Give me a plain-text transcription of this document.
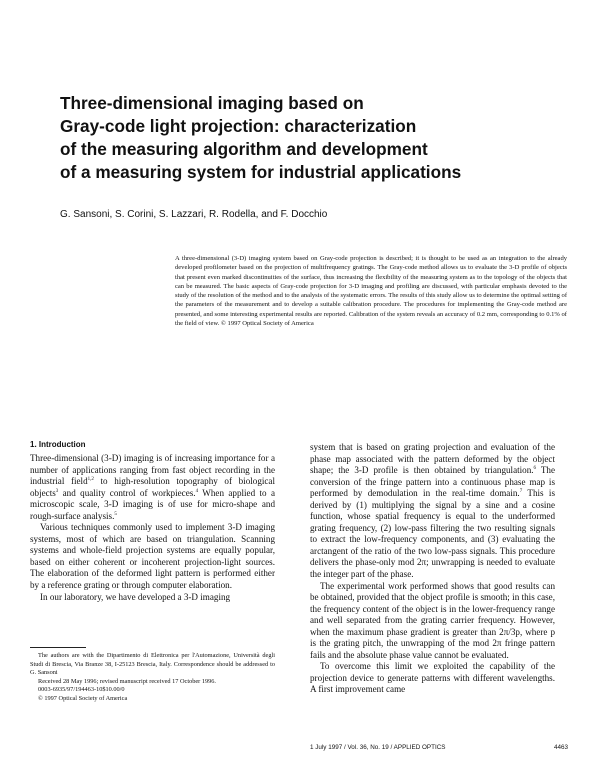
Three-dimensional imaging based on
Gray-code light projection: characterization
of the measuring algorithm and development
of a measuring system for industrial applications

G. Sansoni, S. Corini, S. Lazzari, R. Rodella, and F. Docchio

A three-dimensional (3-D) imaging system based on Gray-code projection is described; it is thought to be used as an integration to the already developed profilometer based on the projection of multifrequency gratings. The Gray-code method allows us to evaluate the 3-D profile of objects that present even marked discontinuities of the surface, thus increasing the flexibility of the measuring system as to the topology of the objects that can be measured. The basic aspects of Gray-code projection for 3-D imaging and profiling are discussed, with particular emphasis devoted to the study of the resolution of the method and to the analysis of the systematic errors. The results of this study allow us to determine the optimal setting of the parameters of the measurement and to develop a suitable calibration procedure. The procedures for implementing the Gray-code method are presented, and some interesting experimental results are reported. Calibration of the system reveals an accuracy of 0.2 mm, corresponding to 0.1% of the field of view. © 1997 Optical Society of America

1. Introduction

Three-dimensional (3-D) imaging is of increasing importance for a number of applications ranging from fast object recording in the industrial field$^{1,2}$ to high-resolution topography of biological objects$^3$ and quality control of workpieces.$^4$ When applied to a microscopic scale, 3-D imaging is of use for micro-shape and rough-surface analysis.$^5$

Various techniques commonly used to implement 3-D imaging systems, most of which are based on triangulation. Scanning systems and whole-field projection systems are equally popular, based on either coherent or incoherent projection-light sources. The elaboration of the deformed light pattern is performed either by a reference grating or through computer elaboration.

In our laboratory, we have developed a 3-D imaging

system that is based on grating projection and evaluation of the phase map associated with the pattern deformed by the object shape; the 3-D profile is then obtained by triangulation.$^6$ The conversion of the fringe pattern into a continuous phase map is performed by demodulation in the real-time domain.$^7$ This is derived by (1) multiplying the signal by a sine and a cosine function, whose spatial frequency is equal to the underformed grating frequency, (2) low-pass filtering the two resulting signals to extract the low-frequency components, and (3) evaluating the arctangent of the ratio of the two low-pass signals. This procedure delivers the phase-only mod 2π; unwrapping is needed to evaluate the integer part of the phase.

The experimental work performed shows that good results can be obtained, provided that the object profile is smooth; in this case, the frequency content of the object is in the lower-frequency range and well separated from the grating carrier frequency. However, when the maximum phase gradient is greater than 2π/3p, where p is the grating pitch, the unwrapping of the mod 2π fringe pattern fails and the absolute phase value cannot be evaluated.

To overcome this limit we exploited the capability of the projection device to generate patterns with different wavelengths. A first improvement came

The authors are with the Dipartimento di Elettronica per l'Automazione, Università degli Studi di Brescia, Via Branze 38, I-25123 Brescia, Italy. Correspondence should be addressed to G. Sansoni

Received 28 May 1996; revised manuscript received 17 October 1996.

0003-6935/97/194463-10$10.00/0

© 1997 Optical Society of America

1 July 1997 / Vol. 36, No. 19 / APPLIED OPTICS	4463
